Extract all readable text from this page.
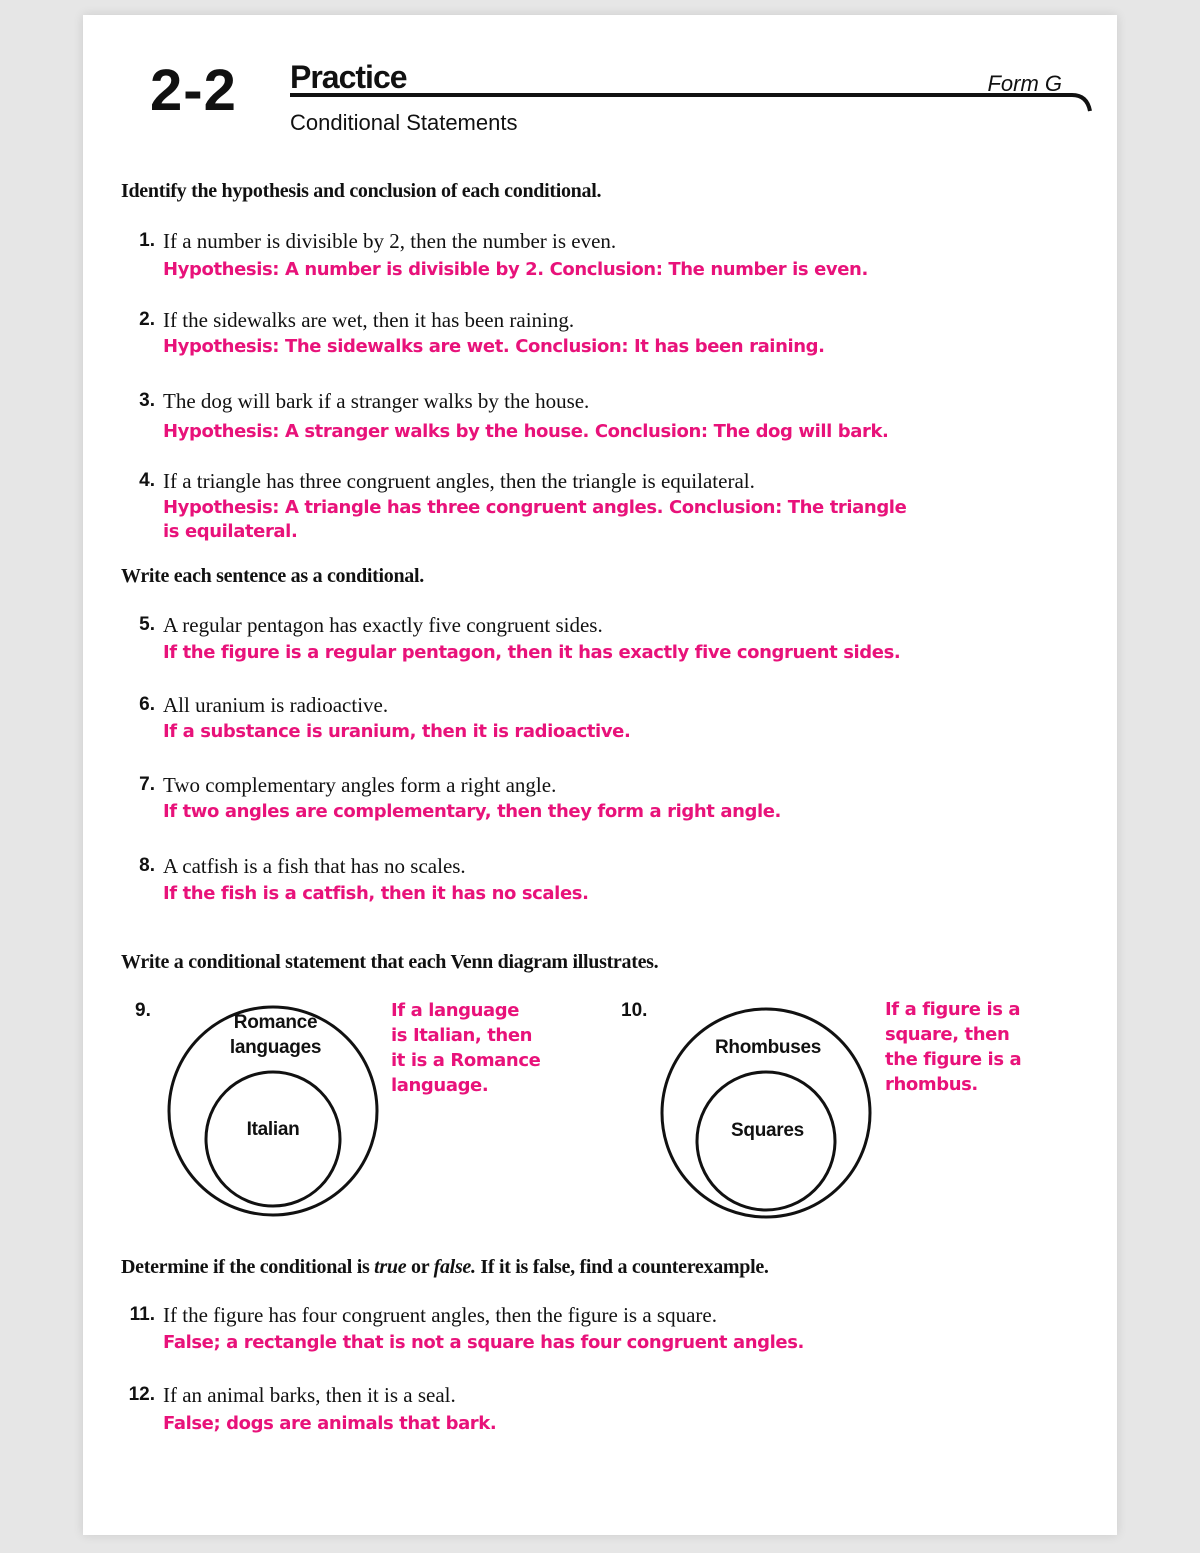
2-2 Practice	Form G
Conditional Statements
Identify the hypothesis and conclusion of each conditional.
1. If a number is divisible by 2, then the number is even.
Hypothesis: A number is divisible by 2. Conclusion: The number is even.
2. If the sidewalks are wet, then it has been raining.
Hypothesis: The sidewalks are wet. Conclusion: It has been raining.
3. The dog will bark if a stranger walks by the house.
Hypothesis: A stranger walks by the house. Conclusion: The dog will bark.
4. If a triangle has three congruent angles, then the triangle is equilateral.
Hypothesis: A triangle has three congruent angles. Conclusion: The triangle
is equilateral.
Write each sentence as a conditional.
5. A regular pentagon has exactly five congruent sides.
If the figure is a regular pentagon, then it has exactly five congruent sides.
6. All uranium is radioactive.
If a substance is uranium, then it is radioactive.
7. Two complementary angles form a right angle.
If two angles are complementary, then they form a right angle.
8. A catfish is a fish that has no scales.
If the fish is a catfish, then it has no scales.
Write a conditional statement that each Venn diagram illustrates.
9.
Romance
languages
Italian
If a language
is Italian, then
it is a Romance
language.
10.
Rhombuses
Squares
If a figure is a
square, then
the figure is a
rhombus.
Determine if the conditional is true or false. If it is false, find a counterexample.
11. If the figure has four congruent angles, then the figure is a square.
False; a rectangle that is not a square has four congruent angles.
12. If an animal barks, then it is a seal.
False; dogs are animals that bark.
